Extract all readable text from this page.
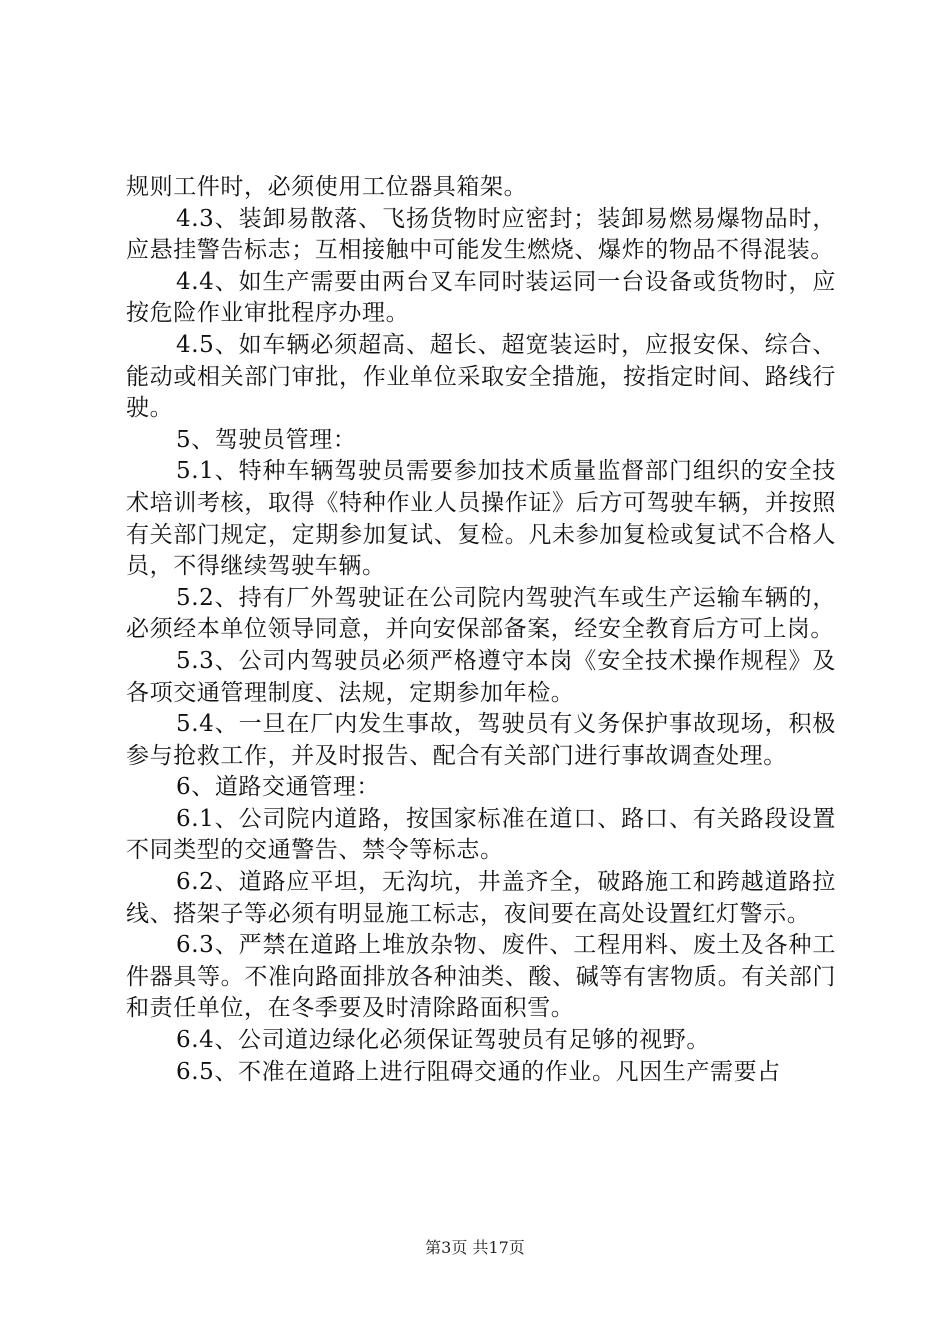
规则工件时，必须使用工位器具箱架。

4.3、装卸易散落、飞扬货物时应密封；装卸易燃易爆物品时，应悬挂警告标志；互相接触中可能发生燃烧、爆炸的物品不得混装。

4.4、如生产需要由两台叉车同时装运同一台设备或货物时，应按危险作业审批程序办理。

4.5、如车辆必须超高、超长、超宽装运时，应报安保、综合、能动或相关部门审批，作业单位采取安全措施，按指定时间、路线行驶。

5、驾驶员管理：

5.1、特种车辆驾驶员需要参加技术质量监督部门组织的安全技术培训考核，取得《特种作业人员操作证》后方可驾驶车辆，并按照有关部门规定，定期参加复试、复检。凡未参加复检或复试不合格人员，不得继续驾驶车辆。

5.2、持有厂外驾驶证在公司院内驾驶汽车或生产运输车辆的，必须经本单位领导同意，并向安保部备案，经安全教育后方可上岗。

5.3、公司内驾驶员必须严格遵守本岗《安全技术操作规程》及各项交通管理制度、法规，定期参加年检。

5.4、一旦在厂内发生事故，驾驶员有义务保护事故现场，积极参与抢救工作，并及时报告、配合有关部门进行事故调查处理。

6、道路交通管理：

6.1、公司院内道路，按国家标准在道口、路口、有关路段设置不同类型的交通警告、禁令等标志。

6.2、道路应平坦，无沟坑，井盖齐全，破路施工和跨越道路拉线、搭架子等必须有明显施工标志，夜间要在高处设置红灯警示。

6.3、严禁在道路上堆放杂物、废件、工程用料、废土及各种工件器具等。不准向路面排放各种油类、酸、碱等有害物质。有关部门和责任单位，在冬季要及时清除路面积雪。

6.4、公司道边绿化必须保证驾驶员有足够的视野。

6.5、不准在道路上进行阻碍交通的作业。凡因生产需要占

第3页 共17页
